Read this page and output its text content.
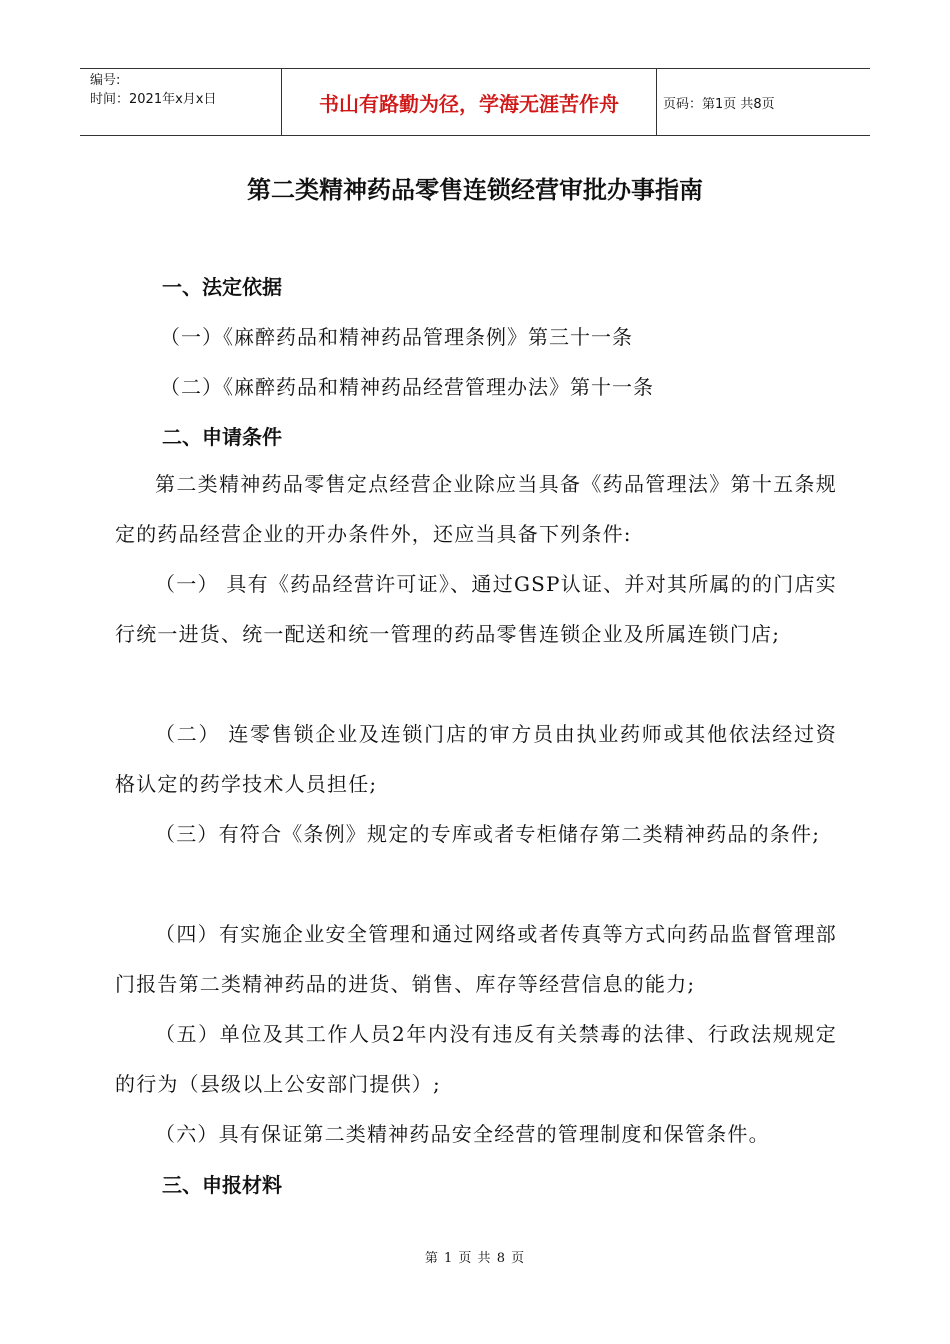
编号:
时间：2021年x月x日	书山有路勤为径，学海无涯苦作舟	页码：第1页 共8页
第二类精神药品零售连锁经营审批办事指南
一、法定依据
（一）《麻醉药品和精神药品管理条例》第三十一条
（二）《麻醉药品和精神药品经营管理办法》第十一条
二、申请条件
第二类精神药品零售定点经营企业除应当具备《药品管理法》第十五条规定的药品经营企业的开办条件外，还应当具备下列条件:
（一） 具有《药品经营许可证》、通过GSP认证、并对其所属的的门店实行统一进货、统一配送和统一管理的药品零售连锁企业及所属连锁门店;
（二） 连零售锁企业及连锁门店的审方员由执业药师或其他依法经过资格认定的药学技术人员担任;
（三）有符合《条例》规定的专库或者专柜储存第二类精神药品的条件;
（四）有实施企业安全管理和通过网络或者传真等方式向药品监督管理部门报告第二类精神药品的进货、销售、库存等经营信息的能力;
（五）单位及其工作人员2年内没有违反有关禁毒的法律、行政法规规定的行为（县级以上公安部门提供）;
（六）具有保证第二类精神药品安全经营的管理制度和保管条件。
三、申报材料
第 1 页 共 8 页
